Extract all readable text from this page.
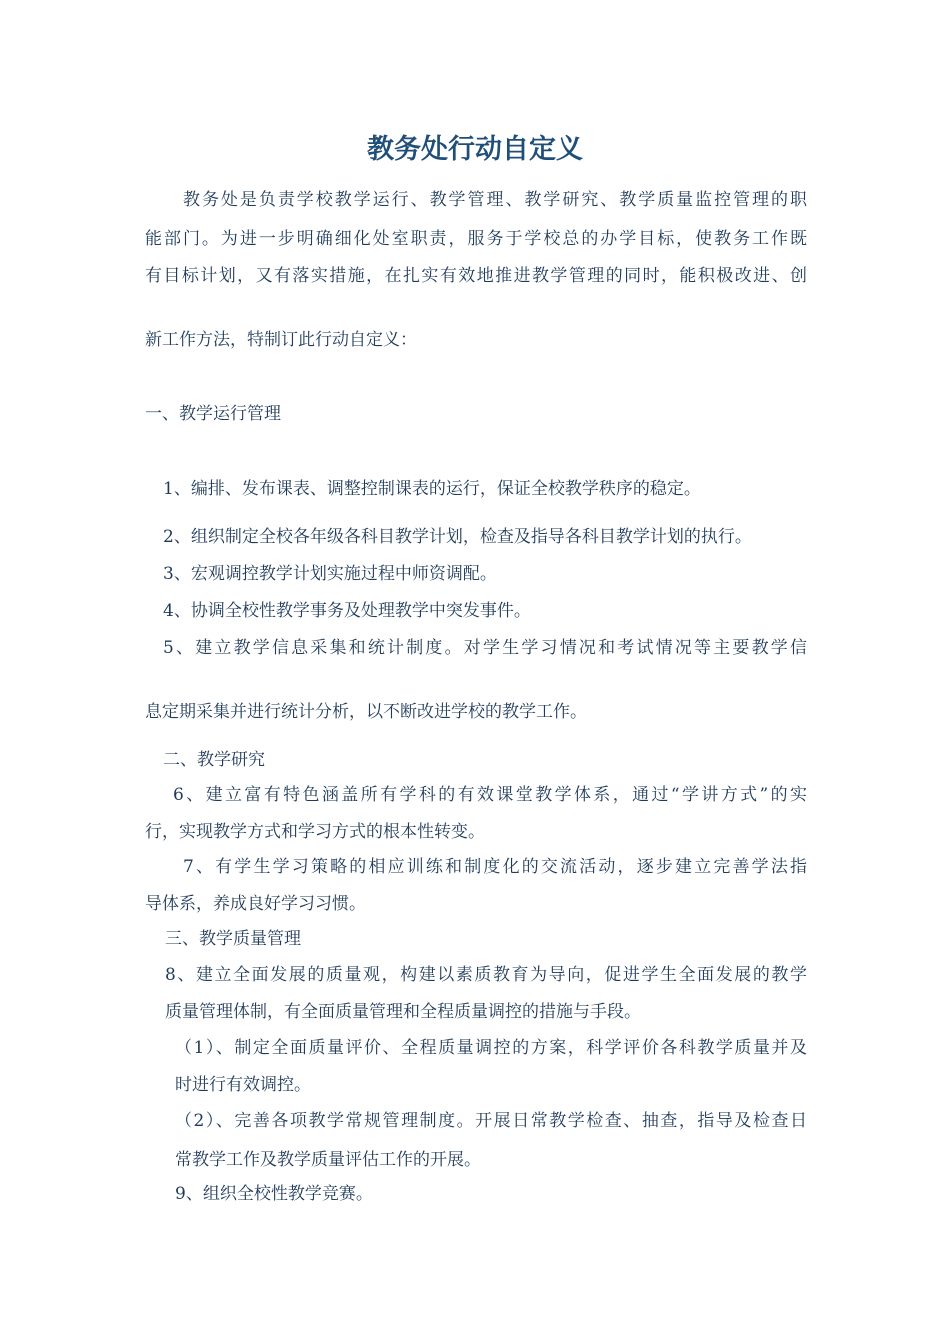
教务处行动自定义
教务处是负责学校教学运行、教学管理、教学研究、教学质量监控管理的职
能部门。为进一步明确细化处室职责，服务于学校总的办学目标，使教务工作既
有目标计划，又有落实措施，在扎实有效地推进教学管理的同时，能积极改进、创
新工作方法，特制订此行动自定义：
一、教学运行管理
1、编排、发布课表、调整控制课表的运行，保证全校教学秩序的稳定。
2、组织制定全校各年级各科目教学计划，检查及指导各科目教学计划的执行。
3、宏观调控教学计划实施过程中师资调配。
4、协调全校性教学事务及处理教学中突发事件。
5、建立教学信息采集和统计制度。对学生学习情况和考试情况等主要教学信
息定期采集并进行统计分析，以不断改进学校的教学工作。
二、教学研究
6、建立富有特色涵盖所有学科的有效课堂教学体系，通过“学讲方式”的实
行，实现教学方式和学习方式的根本性转变。
7、有学生学习策略的相应训练和制度化的交流活动，逐步建立完善学法指
导体系，养成良好学习习惯。
三、教学质量管理
8、建立全面发展的质量观，构建以素质教育为导向，促进学生全面发展的教学
质量管理体制，有全面质量管理和全程质量调控的措施与手段。
（1）、制定全面质量评价、全程质量调控的方案，科学评价各科教学质量并及
时进行有效调控。
（2）、完善各项教学常规管理制度。开展日常教学检查、抽查，指导及检查日
常教学工作及教学质量评估工作的开展。
9、组织全校性教学竞赛。
